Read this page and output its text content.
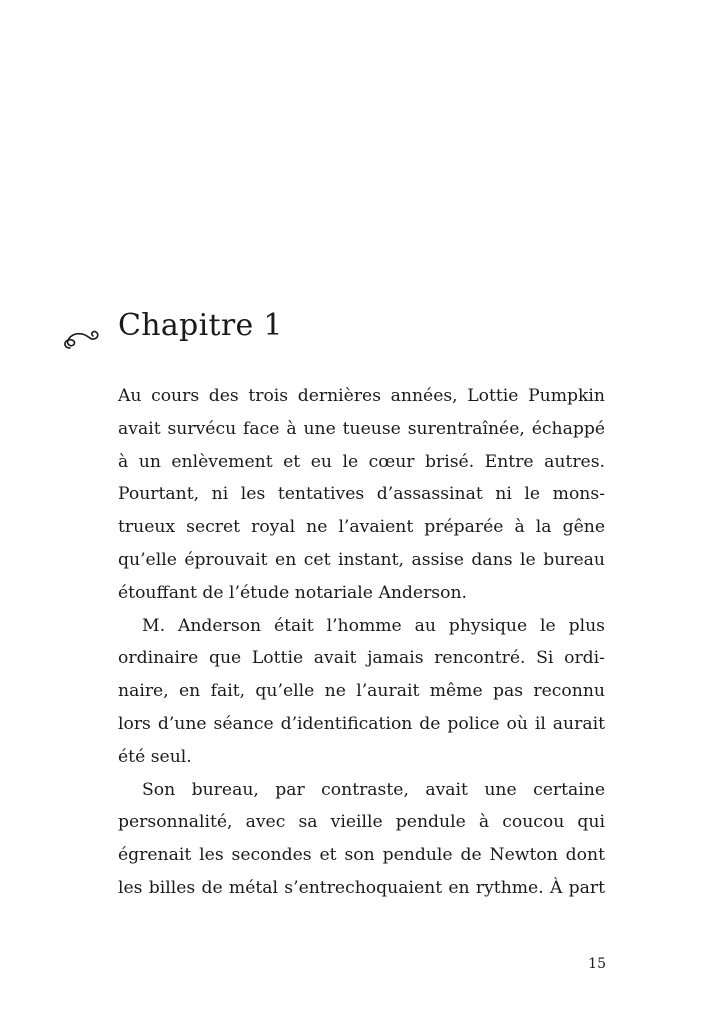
Chapitre 1
Au cours des trois dernières années, Lottie Pumpkin
avait survécu face à une tueuse surentraînée, échappé
à un enlèvement et eu le cœur brisé. Entre autres.
Pourtant, ni les tentatives d’assassinat ni le mons-
trueux secret royal ne l’avaient préparée à la gêne
qu’elle éprouvait en cet instant, assise dans le bureau
étouffant de l’étude notariale Anderson.
M. Anderson était l’homme au physique le plus
ordinaire que Lottie avait jamais rencontré. Si ordi-
naire, en fait, qu’elle ne l’aurait même pas reconnu
lors d’une séance d’identification de police où il aurait
été seul.
Son bureau, par contraste, avait une certaine
personnalité, avec sa vieille pendule à coucou qui
égrenait les secondes et son pendule de Newton dont
les billes de métal s’entrechoquaient en rythme. À part
15
